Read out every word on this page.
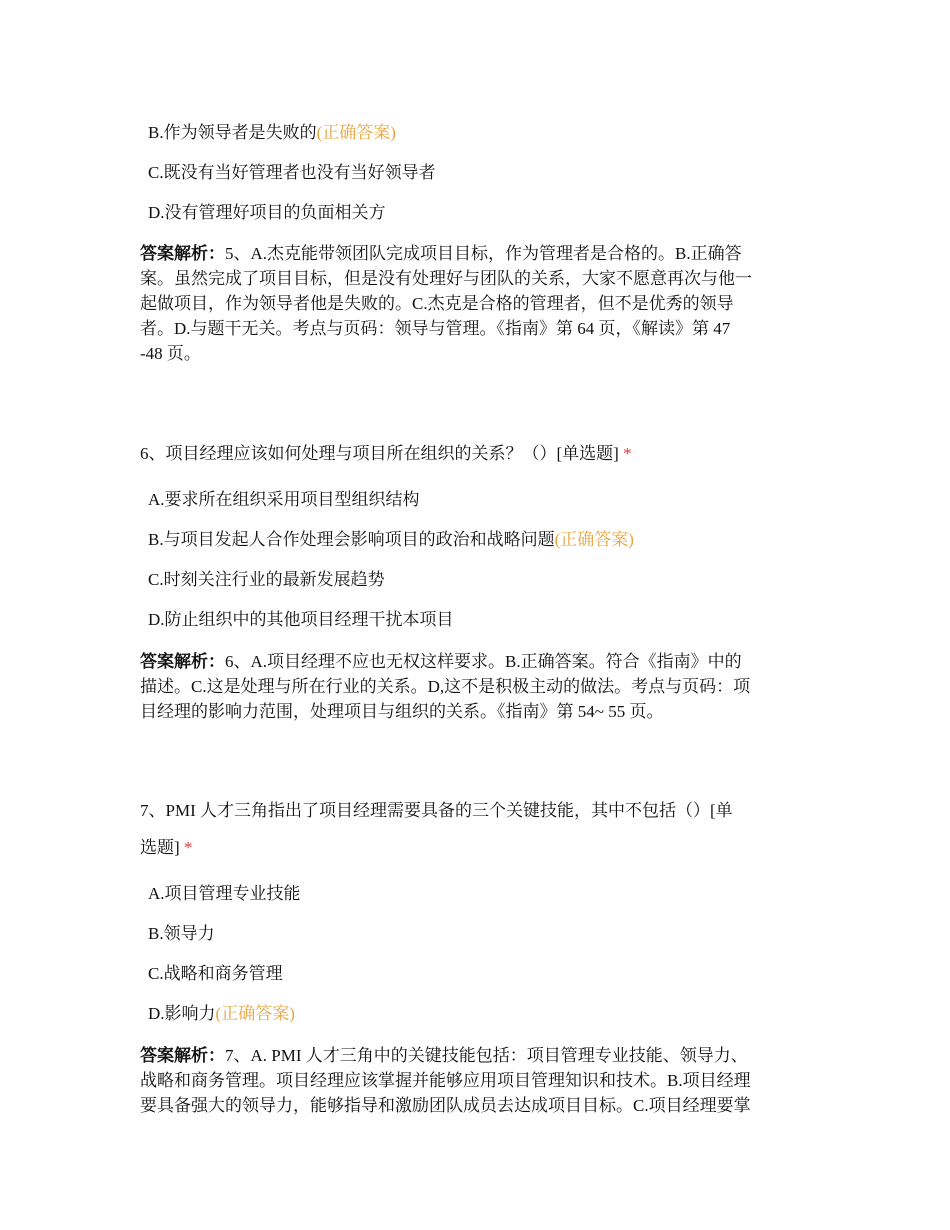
B.作为领导者是失败的(正确答案)
C.既没有当好管理者也没有当好领导者
D.没有管理好项目的负面相关方
答案解析：5、A.杰克能带领团队完成项目目标，作为管理者是合格的。B.正确答
案。虽然完成了项目目标，但是没有处理好与团队的关系，大家不愿意再次与他一
起做项目，作为领导者他是失败的。C.杰克是合格的管理者，但不是优秀的领导
者。D.与题干无关。考点与页码：领导与管理。《指南》第 64 页，《解读》第 47
-48 页。
6、项目经理应该如何处理与项目所在组织的关系？（）[单选题] *
A.要求所在组织采用项目型组织结构
B.与项目发起人合作处理会影响项目的政治和战略问题(正确答案)
C.时刻关注行业的最新发展趋势
D.防止组织中的其他项目经理干扰本项目
答案解析：6、A.项目经理不应也无权这样要求。B.正确答案。符合《指南》中的
描述。C.这是处理与所在行业的关系。D,这不是积极主动的做法。考点与页码：项
目经理的影响力范围，处理项目与组织的关系。《指南》第 54~ 55 页。
7、PMI 人才三角指出了项目经理需要具备的三个关键技能，其中不包括（）[单
选题] *
A.项目管理专业技能
B.领导力
C.战略和商务管理
D.影响力(正确答案)
答案解析：7、A. PMI 人才三角中的关键技能包括：项目管理专业技能、领导力、
战略和商务管理。项目经理应该掌握并能够应用项目管理知识和技术。B.项目经理
要具备强大的领导力，能够指导和激励团队成员去达成项目目标。C.项目经理要掌
